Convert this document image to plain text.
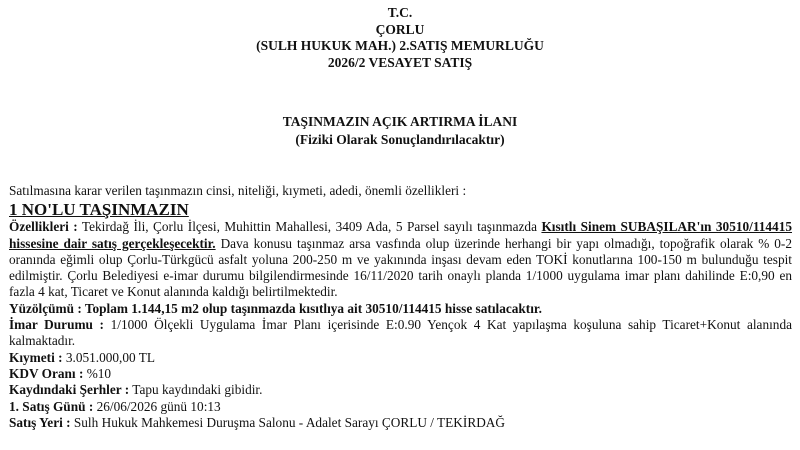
T.C.
ÇORLU
(SULH HUKUK MAH.) 2.SATIŞ MEMURLUĞU
2026/2 VESAYET SATIŞ
TAŞINMAZIN AÇIK ARTIRMA İLANI
(Fiziki Olarak Sonuçlandırılacaktır)

Satılmasına karar verilen taşınmazın cinsi, niteliği, kıymeti, adedi, önemli özellikleri :

1 NO'LU TAŞINMAZIN

Özellikleri : Tekirdağ İli, Çorlu İlçesi, Muhittin Mahallesi, 3409 Ada, 5 Parsel sayılı taşınmazda Kısıtlı Sinem SUBAŞILAR'ın 30510/114415 hissesine dair satış gerçekleşecektir. Dava konusu taşınmaz arsa vasfında olup üzerinde herhangi bir yapı olmadığı, topoğrafik olarak % 0-2 oranında eğimli olup Çorlu-Türkgücü asfalt yoluna 200-250 m ve yakınında inşası devam eden TOKİ konutlarına 100-150 m bulunduğu tespit edilmiştir. Çorlu Belediyesi e-imar durumu bilgilendirmesinde 16/11/2020 tarih onaylı planda 1/1000 uygulama imar planı dahilinde E:0,90 en fazla 4 kat, Ticaret ve Konut alanında kaldığı belirtilmektedir.

Yüzölçümü : Toplam 1.144,15 m2 olup taşınmazda kısıtlıya ait 30510/114415 hisse satılacaktır.

İmar Durumu : 1/1000 Ölçekli Uygulama İmar Planı içerisinde E:0.90 Yençok 4 Kat yapılaşma koşuluna sahip Ticaret+Konut alanında kalmaktadır.

Kıymeti : 3.051.000,00 TL

KDV Oranı : %10

Kaydındaki Şerhler : Tapu kaydındaki gibidir.

1. Satış Günü : 26/06/2026 günü 10:13

Satış Yeri : Sulh Hukuk Mahkemesi Duruşma Salonu - Adalet Sarayı ÇORLU / TEKİRDAĞ
